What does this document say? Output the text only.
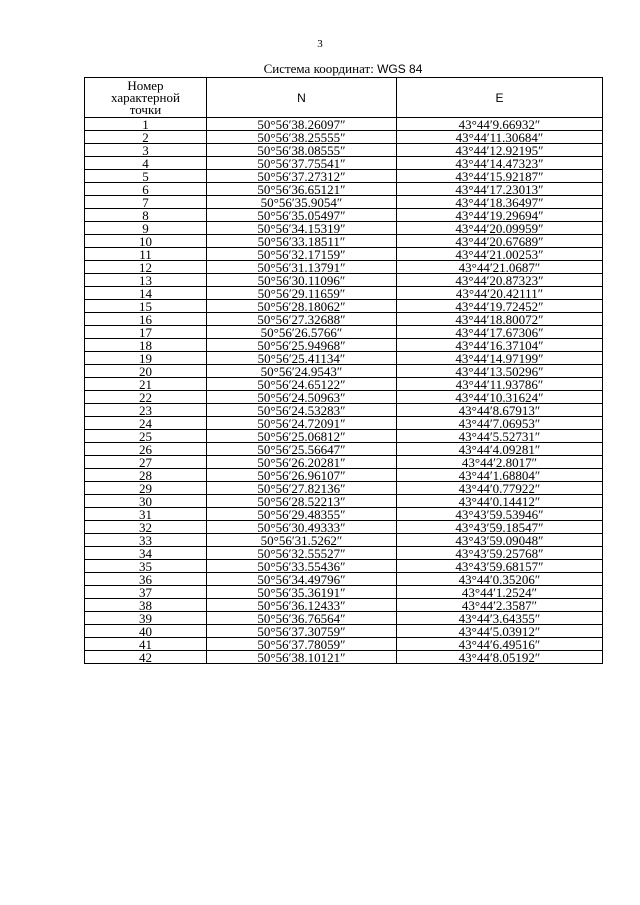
3
Система координат: WGS 84
Номер
характерной
точки	N	E
1	50°56′38.26097″	43°44′9.66932″
2	50°56′38.25555″	43°44′11.30684″
3	50°56′38.08555″	43°44′12.92195″
4	50°56′37.75541″	43°44′14.47323″
5	50°56′37.27312″	43°44′15.92187″
6	50°56′36.65121″	43°44′17.23013″
7	50°56′35.9054″	43°44′18.36497″
8	50°56′35.05497″	43°44′19.29694″
9	50°56′34.15319″	43°44′20.09959″
10	50°56′33.18511″	43°44′20.67689″
11	50°56′32.17159″	43°44′21.00253″
12	50°56′31.13791″	43°44′21.0687″
13	50°56′30.11096″	43°44′20.87323″
14	50°56′29.11659″	43°44′20.42111″
15	50°56′28.18062″	43°44′19.72452″
16	50°56′27.32688″	43°44′18.80072″
17	50°56′26.5766″	43°44′17.67306″
18	50°56′25.94968″	43°44′16.37104″
19	50°56′25.41134″	43°44′14.97199″
20	50°56′24.9543″	43°44′13.50296″
21	50°56′24.65122″	43°44′11.93786″
22	50°56′24.50963″	43°44′10.31624″
23	50°56′24.53283″	43°44′8.67913″
24	50°56′24.72091″	43°44′7.06953″
25	50°56′25.06812″	43°44′5.52731″
26	50°56′25.56647″	43°44′4.09281″
27	50°56′26.20281″	43°44′2.8017″
28	50°56′26.96107″	43°44′1.68804″
29	50°56′27.82136″	43°44′0.77922″
30	50°56′28.52213″	43°44′0.14412″
31	50°56′29.48355″	43°43′59.53946″
32	50°56′30.49333″	43°43′59.18547″
33	50°56′31.5262″	43°43′59.09048″
34	50°56′32.55527″	43°43′59.25768″
35	50°56′33.55436″	43°43′59.68157″
36	50°56′34.49796″	43°44′0.35206″
37	50°56′35.36191″	43°44′1.2524″
38	50°56′36.12433″	43°44′2.3587″
39	50°56′36.76564″	43°44′3.64355″
40	50°56′37.30759″	43°44′5.03912″
41	50°56′37.78059″	43°44′6.49516″
42	50°56′38.10121″	43°44′8.05192″
